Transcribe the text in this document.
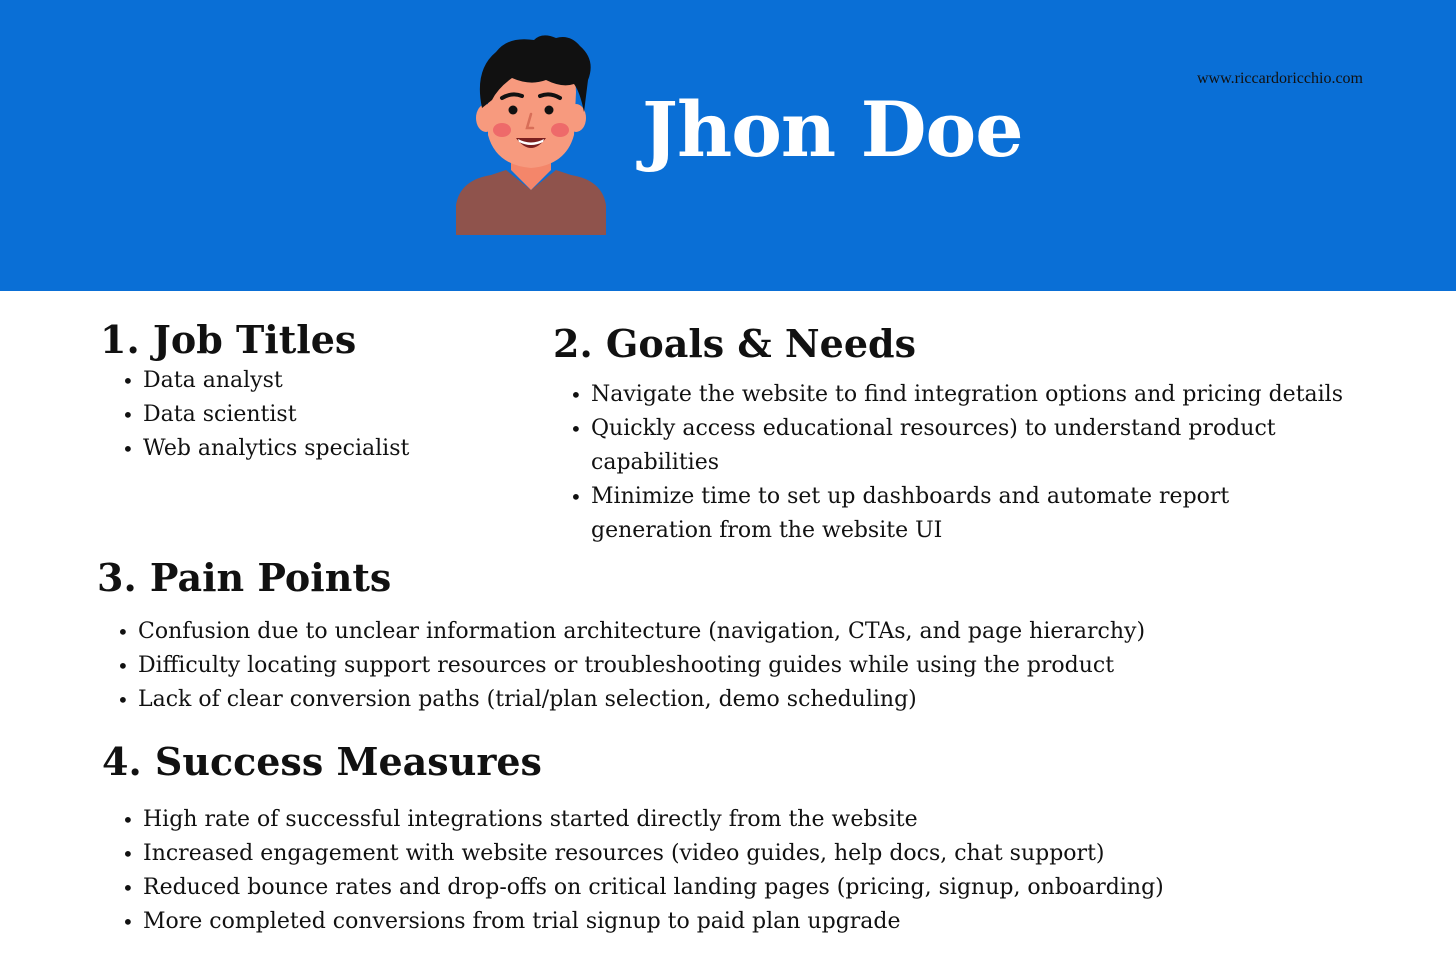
Jhon Doe
www.riccardoricchio.com
1. Job Titles
• Data analyst
• Data scientist
• Web analytics specialist
2. Goals & Needs
• Navigate the website to find integration options and pricing details
• Quickly access educational resources) to understand product
capabilities
• Minimize time to set up dashboards and automate report
generation from the website UI
3. Pain Points
• Confusion due to unclear information architecture (navigation, CTAs, and page hierarchy)
• Difficulty locating support resources or troubleshooting guides while using the product
• Lack of clear conversion paths (trial/plan selection, demo scheduling)
4. Success Measures
• High rate of successful integrations started directly from the website
• Increased engagement with website resources (video guides, help docs, chat support)
• Reduced bounce rates and drop-offs on critical landing pages (pricing, signup, onboarding)
• More completed conversions from trial signup to paid plan upgrade
